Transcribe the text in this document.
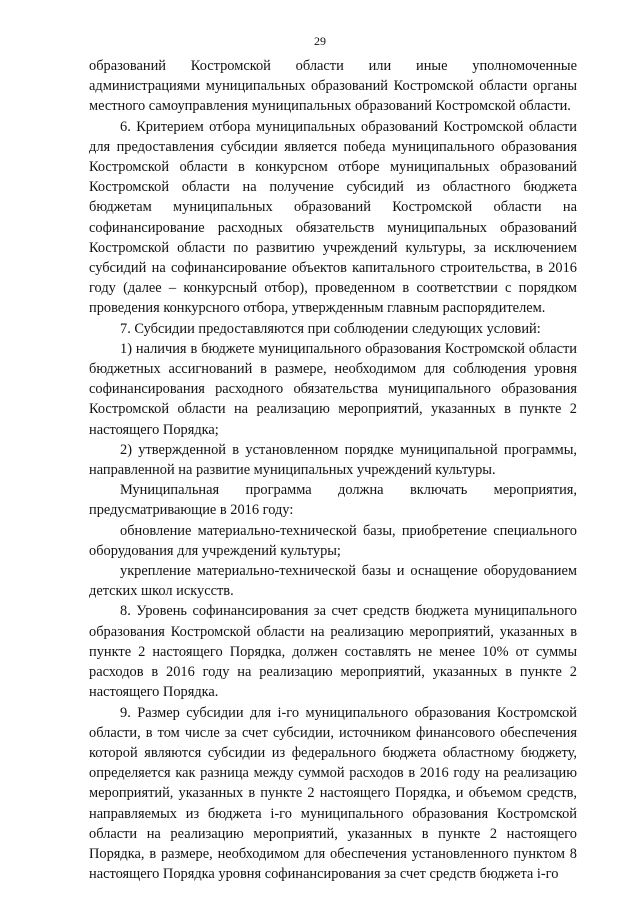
29

образований Костромской области или иные уполномоченные администрациями муниципальных образований Костромской области органы местного самоуправления муниципальных образований Костромской области.

6. Критерием отбора муниципальных образований Костромской области для предоставления субсидии является победа муниципального образования Костромской области в конкурсном отборе муниципальных образований Костромской области на получение субсидий из областного бюджета бюджетам муниципальных образований Костромской области на софинансирование расходных обязательств муниципальных образований Костромской области по развитию учреждений культуры, за исключением субсидий на софинансирование объектов капитального строительства, в 2016 году (далее – конкурсный отбор), проведенном в соответствии с порядком проведения конкурсного отбора, утвержденным главным распорядителем.

7. Субсидии предоставляются при соблюдении следующих условий:

1) наличия в бюджете муниципального образования Костромской области бюджетных ассигнований в размере, необходимом для соблюдения уровня софинансирования расходного обязательства муниципального образования Костромской области на реализацию мероприятий, указанных в пункте 2 настоящего Порядка;

2) утвержденной в установленном порядке муниципальной программы, направленной на развитие муниципальных учреждений культуры.

Муниципальная программа должна включать мероприятия, предусматривающие в 2016 году:

обновление материально-технической базы, приобретение специального оборудования для учреждений культуры;

укрепление материально-технической базы и оснащение оборудованием детских школ искусств.

8. Уровень софинансирования за счет средств бюджета муниципального образования Костромской области на реализацию мероприятий, указанных в пункте 2 настоящего Порядка, должен составлять не менее 10% от суммы расходов в 2016 году на реализацию мероприятий, указанных в пункте 2 настоящего Порядка.

9. Размер субсидии для i-го муниципального образования Костромской области, в том числе за счет субсидии, источником финансового обеспечения которой являются субсидии из федерального бюджета областному бюджету, определяется как разница между суммой расходов в 2016 году на реализацию мероприятий, указанных в пункте 2 настоящего Порядка, и объемом средств, направляемых из бюджета i-го муниципального образования Костромской области на реализацию мероприятий, указанных в пункте 2 настоящего Порядка, в размере, необходимом для обеспечения установленного пунктом 8 настоящего Порядка уровня софинансирования за счет средств бюджета i-го
